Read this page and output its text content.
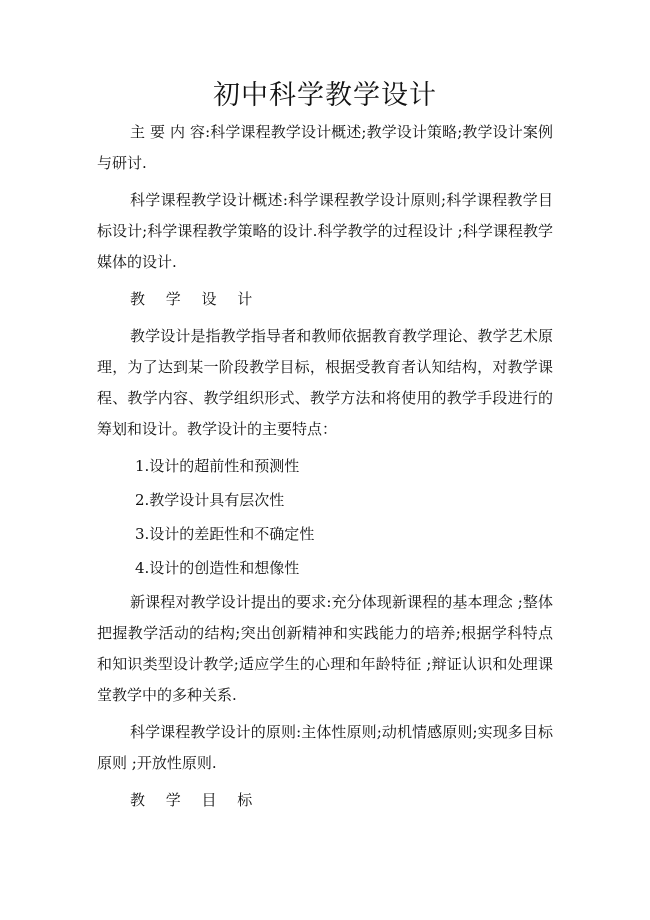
初中科学教学设计

主 要 内 容:科学课程教学设计概述;教学设计策略;教学设计案例与研讨.

科学课程教学设计概述:科学课程教学设计原则;科学课程教学目标设计;科学课程教学策略的设计.科学教学的过程设计 ;科学课程教学媒体的设计.

教 学 设 计

教学设计是指教学指导者和教师依据教育教学理论、教学艺术原理，为了达到某一阶段教学目标，根据受教育者认知结构，对教学课程、教学内容、教学组织形式、教学方法和将使用的教学手段进行的筹划和设计。教学设计的主要特点：

1.设计的超前性和预测性

2.教学设计具有层次性

3.设计的差距性和不确定性

4.设计的创造性和想像性

新课程对教学设计提出的要求:充分体现新课程的基本理念 ;整体把握教学活动的结构;突出创新精神和实践能力的培养;根据学科特点和知识类型设计教学;适应学生的心理和年龄特征 ;辩证认识和处理课堂教学中的多种关系.

科学课程教学设计的原则:主体性原则;动机情感原则;实现多目标原则 ;开放性原则.

教 学 目 标
